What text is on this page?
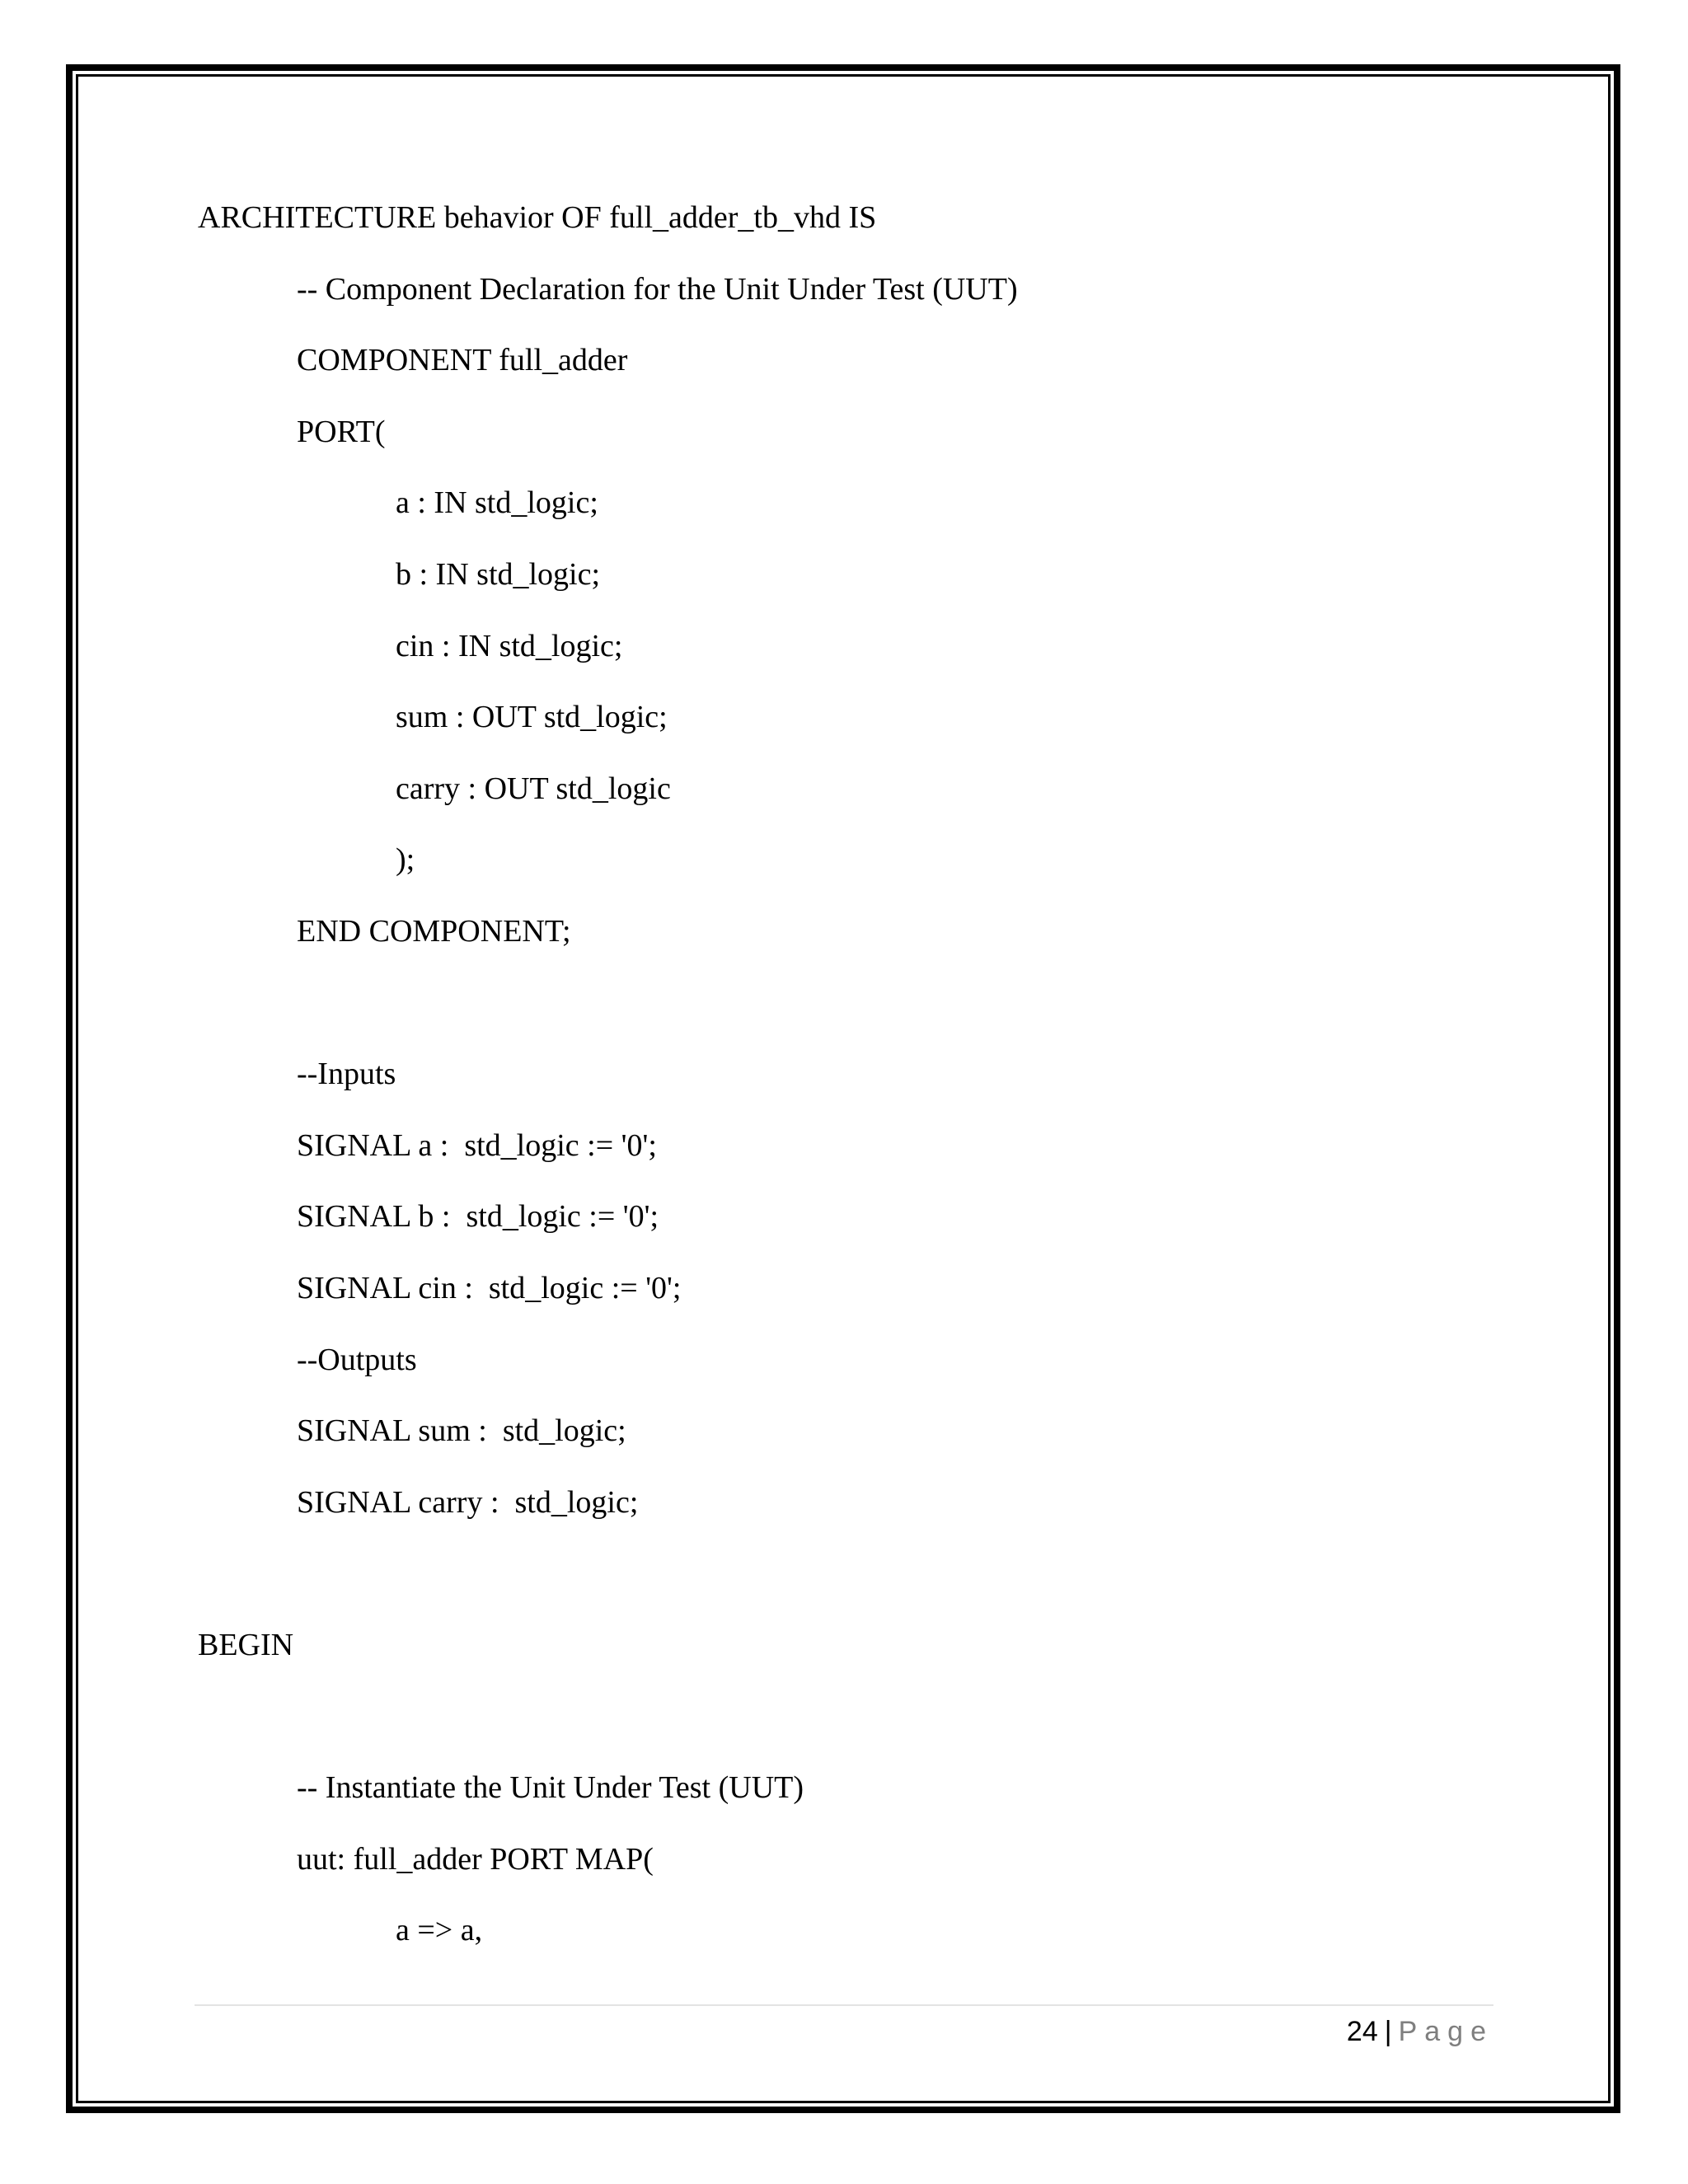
ARCHITECTURE behavior OF full_adder_tb_vhd IS
-- Component Declaration for the Unit Under Test (UUT)
COMPONENT full_adder
PORT(
a : IN std_logic;
b : IN std_logic;
cin : IN std_logic;
sum : OUT std_logic;
carry : OUT std_logic
);
END COMPONENT;
--Inputs
SIGNAL a :  std_logic := '0';
SIGNAL b :  std_logic := '0';
SIGNAL cin :  std_logic := '0';
--Outputs
SIGNAL sum :  std_logic;
SIGNAL carry :  std_logic;
BEGIN
-- Instantiate the Unit Under Test (UUT)
uut: full_adder PORT MAP(
a => a,
24 | Page
